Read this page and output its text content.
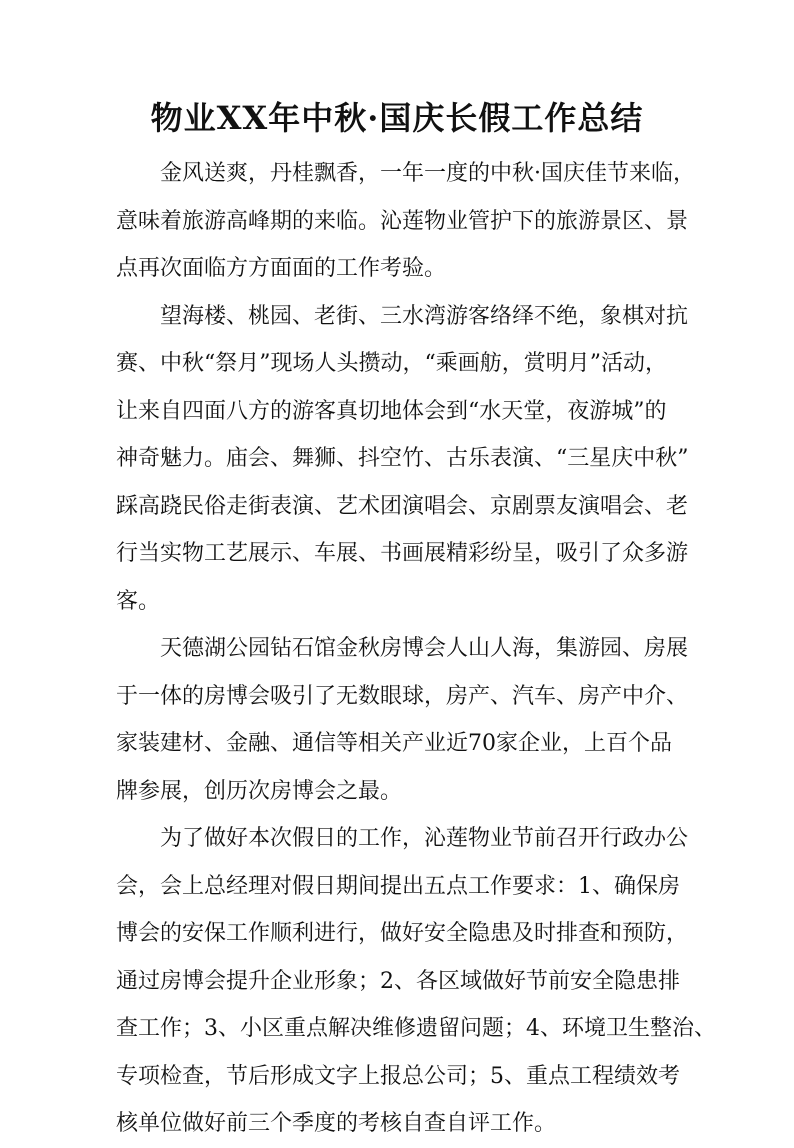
物业XX年中秋·国庆长假工作总结
金风送爽，丹桂飘香，一年一度的中秋·国庆佳节来临，
意味着旅游高峰期的来临。沁莲物业管护下的旅游景区、景
点再次面临方方面面的工作考验。
望海楼、桃园、老街、三水湾游客络绎不绝，象棋对抗
赛、中秋“祭月”现场人头攒动，“乘画舫，赏明月”活动，
让来自四面八方的游客真切地体会到“水天堂，夜游城”的
神奇魅力。庙会、舞狮、抖空竹、古乐表演、“三星庆中秋”
踩高跷民俗走街表演、艺术团演唱会、京剧票友演唱会、老
行当实物工艺展示、车展、书画展精彩纷呈，吸引了众多游
客。
天德湖公园钻石馆金秋房博会人山人海，集游园、房展
于一体的房博会吸引了无数眼球，房产、汽车、房产中介、
家装建材、金融、通信等相关产业近70家企业，上百个品
牌参展，创历次房博会之最。
为了做好本次假日的工作，沁莲物业节前召开行政办公
会，会上总经理对假日期间提出五点工作要求：1、确保房
博会的安保工作顺利进行，做好安全隐患及时排查和预防，
通过房博会提升企业形象；2、各区域做好节前安全隐患排
查工作；3、小区重点解决维修遗留问题；4、环境卫生整治、
专项检查，节后形成文字上报总公司；5、重点工程绩效考
核单位做好前三个季度的考核自查自评工作。
